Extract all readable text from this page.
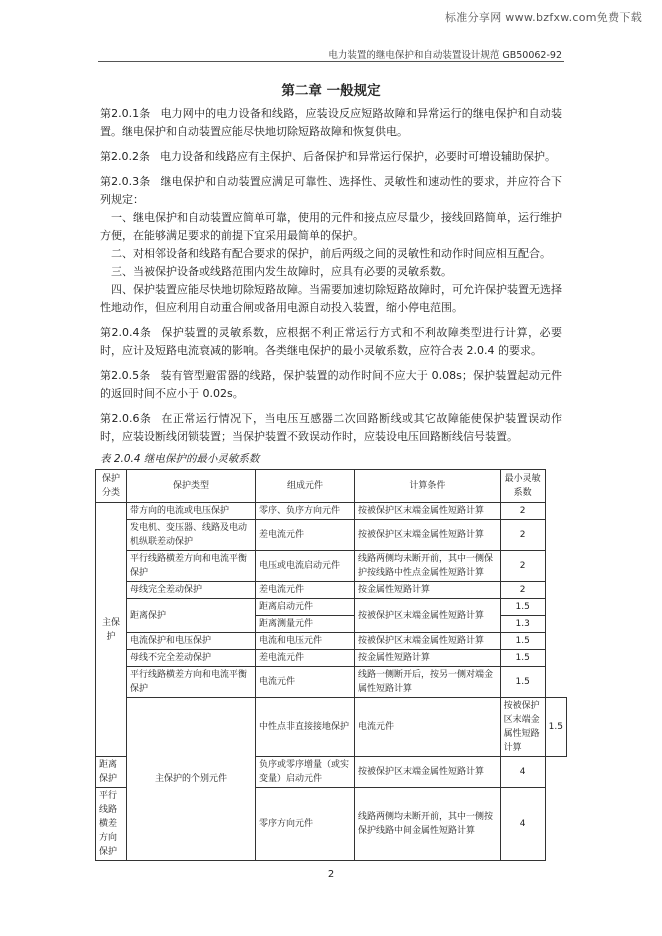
标准分享网 www.bzfxw.com免费下载
电力装置的继电保护和自动装置设计规范 GB50062-92
第二章 一般规定

第2.0.1条 电力网中的电力设备和线路，应装设反应短路故障和异常运行的继电保护和自动装置。继电保护和自动装置应能尽快地切除短路故障和恢复供电。

第2.0.2条 电力设备和线路应有主保护、后备保护和异常运行保护，必要时可增设辅助保护。

第2.0.3条 继电保护和自动装置应满足可靠性、选择性、灵敏性和速动性的要求，并应符合下列规定：

一、继电保护和自动装置应简单可靠，使用的元件和接点应尽量少，接线回路简单，运行维护方便，在能够满足要求的前提下宜采用最简单的保护。

二、对相邻设备和线路有配合要求的保护，前后两级之间的灵敏性和动作时间应相互配合。

三、当被保护设备或线路范围内发生故障时，应具有必要的灵敏系数。

四、保护装置应能尽快地切除短路故障。当需要加速切除短路故障时，可允许保护装置无选择性地动作，但应利用自动重合闸或备用电源自动投入装置，缩小停电范围。

第2.0.4条 保护装置的灵敏系数，应根据不利正常运行方式和不利故障类型进行计算，必要时，应计及短路电流衰减的影响。各类继电保护的最小灵敏系数，应符合表 2.0.4 的要求。

第2.0.5条 装有管型避雷器的线路，保护装置的动作时间不应大于 0.08s；保护装置起动元件的返回时间不应小于 0.02s。

第2.0.6条 在正常运行情况下，当电压互感器二次回路断线或其它故障能使保护装置误动作时，应装设断线闭锁装置；当保护装置不致误动作时，应装设电压回路断线信号装置。

表 2.0.4 继电保护的最小灵敏系数

保护分类	保护类型	组成元件	计算条件	最小灵敏系数	
主保护	带方向的电流或电压保护	零序、负序方向元件	按被保护区末端金属性短路计算	2	
	发电机、变压器、线路及电动机纵联差动保护	差电流元件	按被保护区末端金属性短路计算	2	
	平行线路横差方向和电流平衡保护	电压或电流启动元件	线路两侧均未断开前，其中一侧保护按线路中性点金属性短路计算	2	
	母线完全差动保护	差电流元件	按金属性短路计算	2	
	距离保护	距离启动元件	按被保护区末端金属性短路计算	1.5	
		距离测量元件		1.3	
	电流保护和电压保护	电流和电压元件	按被保护区末端金属性短路计算	1.5	
	母线不完全差动保护	差电流元件	按金属性短路计算	1.5	
	平行线路横差方向和电流平衡保护	电流元件	线路一侧断开后，按另一侧对端金属性短路计算	1.5	
	主保护的个别元件	中性点非直接接地保护	电流元件	按被保护区末端金属性短路计算	1.5
距离保护		负序或零序增量（或实变量）启动元件	按被保护区末端金属性短路计算	4	
平行线路横差方向保护		零序方向元件	线路两侧均未断开前，其中一侧按保护线路中间金属性短路计算	4	
2
